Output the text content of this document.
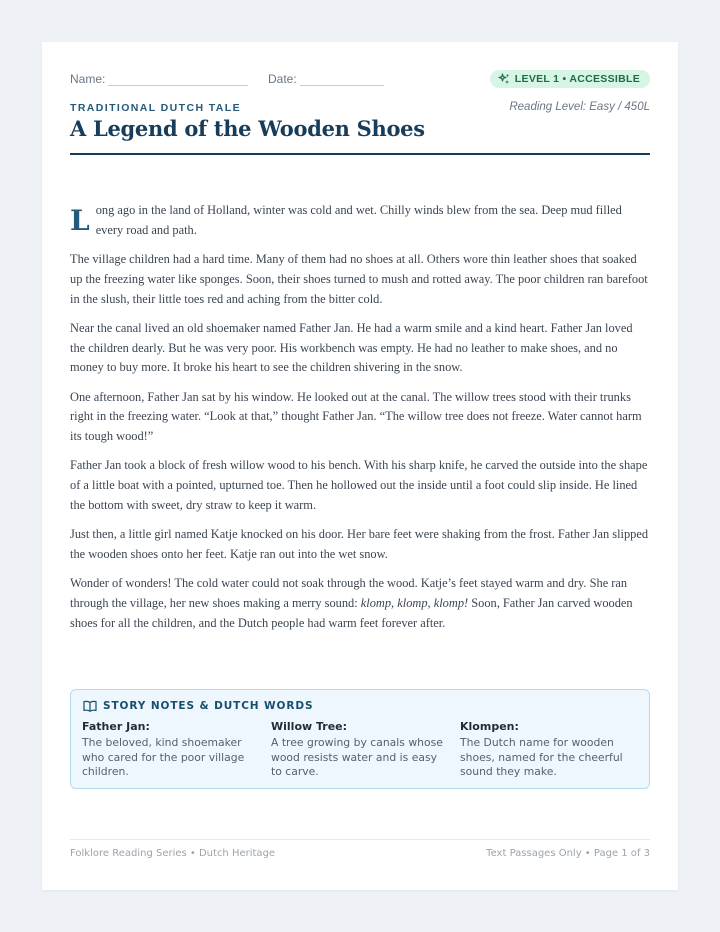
Name:	Date:	LEVEL 1 • ACCESSIBLE
TRADITIONAL DUTCH TALE	Reading Level: Easy / 450L
A Legend of the Wooden Shoes

Long ago in the land of Holland, winter was cold and wet. Chilly winds blew from the sea. Deep mud filled every road and path.

The village children had a hard time. Many of them had no shoes at all. Others wore thin leather shoes that soaked up the freezing water like sponges. Soon, their shoes turned to mush and rotted away. The poor children ran barefoot in the slush, their little toes red and aching from the bitter cold.

Near the canal lived an old shoemaker named Father Jan. He had a warm smile and a kind heart. Father Jan loved the children dearly. But he was very poor. His workbench was empty. He had no leather to make shoes, and no money to buy more. It broke his heart to see the children shivering in the snow.

One afternoon, Father Jan sat by his window. He looked out at the canal. The willow trees stood with their trunks right in the freezing water. “Look at that,” thought Father Jan. “The willow tree does not freeze. Water cannot harm its tough wood!”

Father Jan took a block of fresh willow wood to his bench. With his sharp knife, he carved the outside into the shape of a little boat with a pointed, upturned toe. Then he hollowed out the inside until a foot could slip inside. He lined the bottom with sweet, dry straw to keep it warm.

Just then, a little girl named Katje knocked on his door. Her bare feet were shaking from the frost. Father Jan slipped the wooden shoes onto her feet. Katje ran out into the wet snow.

Wonder of wonders! The cold water could not soak through the wood. Katje’s feet stayed warm and dry. She ran through the village, her new shoes making a merry sound: klomp, klomp, klomp! Soon, Father Jan carved wooden shoes for all the children, and the Dutch people had warm feet forever after.

STORY NOTES & DUTCH WORDS
Father Jan:
The beloved, kind shoemaker who cared for the poor village children.
Willow Tree:
A tree growing by canals whose wood resists water and is easy to carve.
Klompen:
The Dutch name for wooden shoes, named for the cheerful sound they make.
Folklore Reading Series • Dutch Heritage	Text Passages Only • Page 1 of 3
